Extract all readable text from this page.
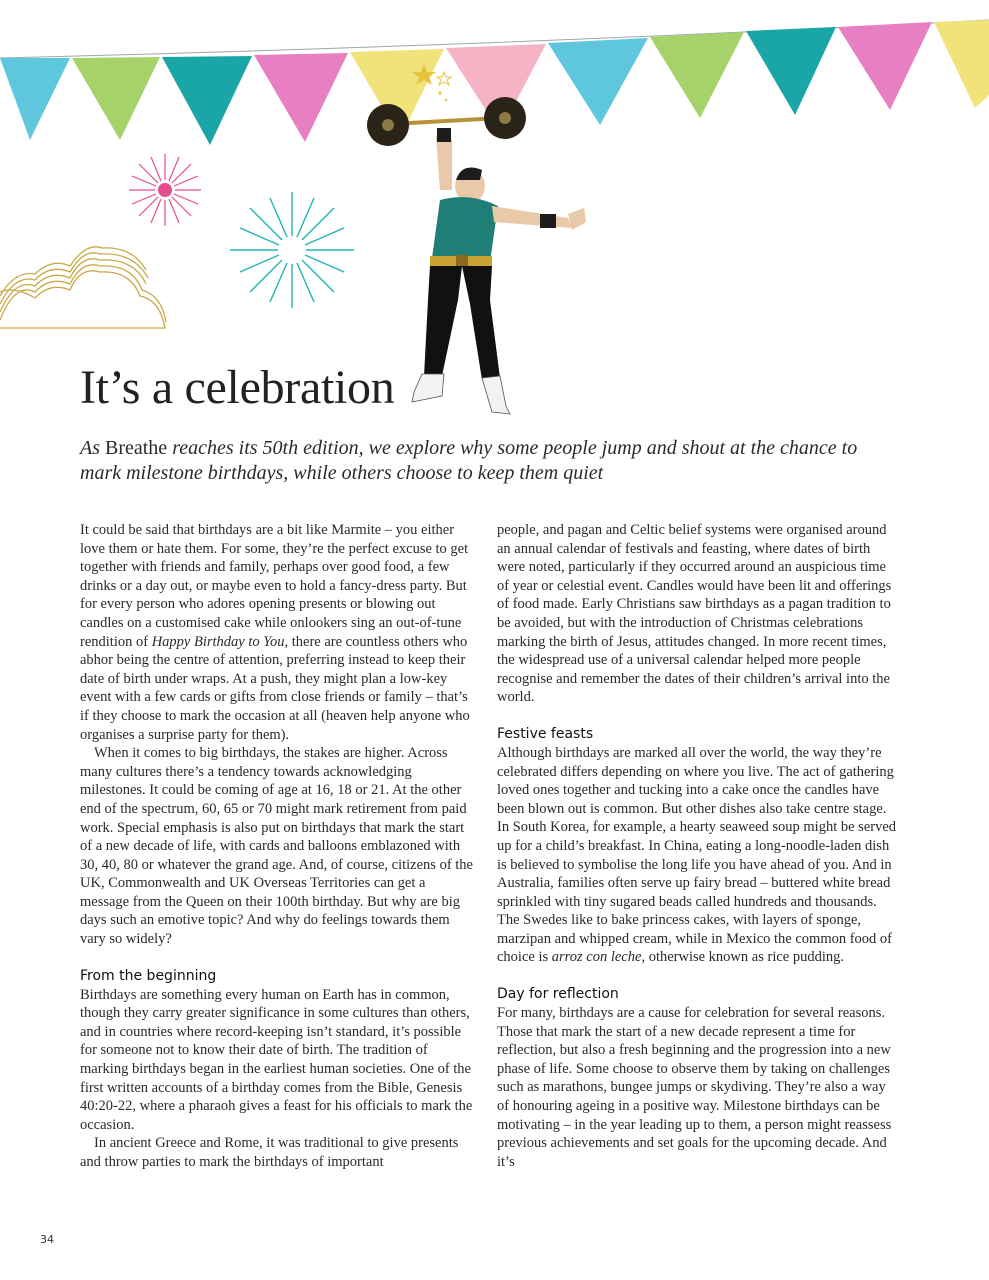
It’s a celebration

As Breathe reaches its 50th edition, we explore why some people jump and shout at the chance to mark milestone birthdays, while others choose to keep them quiet

It could be said that birthdays are a bit like Marmite – you either love them or hate them. For some, they’re the perfect excuse to get together with friends and family, perhaps over good food, a few drinks or a day out, or maybe even to hold a fancy-dress party. But for every person who adores opening presents or blowing out candles on a customised cake while onlookers sing an out-of-tune rendition of Happy Birthday to You, there are countless others who abhor being the centre of attention, preferring instead to keep their date of birth under wraps. At a push, they might plan a low-key event with a few cards or gifts from close friends or family – that’s if they choose to mark the occasion at all (heaven help anyone who organises a surprise party for them).

When it comes to big birthdays, the stakes are higher. Across many cultures there’s a tendency towards acknowledging milestones. It could be coming of age at 16, 18 or 21. At the other end of the spectrum, 60, 65 or 70 might mark retirement from paid work. Special emphasis is also put on birthdays that mark the start of a new decade of life, with cards and balloons emblazoned with 30, 40, 80 or whatever the grand age. And, of course, citizens of the UK, Commonwealth and UK Overseas Territories can get a message from the Queen on their 100th birthday. But why are big days such an emotive topic? And why do feelings towards them vary so widely?

From the beginning

Birthdays are something every human on Earth has in common, though they carry greater significance in some cultures than others, and in countries where record-keeping isn’t standard, it’s possible for someone not to know their date of birth. The tradition of marking birthdays began in the earliest human societies. One of the first written accounts of a birthday comes from the Bible, Genesis 40:20-22, where a pharaoh gives a feast for his officials to mark the occasion.

In ancient Greece and Rome, it was traditional to give presents and throw parties to mark the birthdays of important

people, and pagan and Celtic belief systems were organised around an annual calendar of festivals and feasting, where dates of birth were noted, particularly if they occurred around an auspicious time of year or celestial event. Candles would have been lit and offerings of food made. Early Christians saw birthdays as a pagan tradition to be avoided, but with the introduction of Christmas celebrations marking the birth of Jesus, attitudes changed. In more recent times, the widespread use of a universal calendar helped more people recognise and remember the dates of their children’s arrival into the world.

Festive feasts

Although birthdays are marked all over the world, the way they’re celebrated differs depending on where you live. The act of gathering loved ones together and tucking into a cake once the candles have been blown out is common. But other dishes also take centre stage. In South Korea, for example, a hearty seaweed soup might be served up for a child’s breakfast. In China, eating a long-noodle-laden dish is believed to symbolise the long life you have ahead of you. And in Australia, families often serve up fairy bread – buttered white bread sprinkled with tiny sugared beads called hundreds and thousands. The Swedes like to bake princess cakes, with layers of sponge, marzipan and whipped cream, while in Mexico the common food of choice is arroz con leche, otherwise known as rice pudding.

Day for reflection

For many, birthdays are a cause for celebration for several reasons. Those that mark the start of a new decade represent a time for reflection, but also a fresh beginning and the progression into a new phase of life. Some choose to observe them by taking on challenges such as marathons, bungee jumps or skydiving. They’re also a way of honouring ageing in a positive way. Milestone birthdays can be motivating – in the year leading up to them, a person might reassess previous achievements and set goals for the upcoming decade. And it’s

34
